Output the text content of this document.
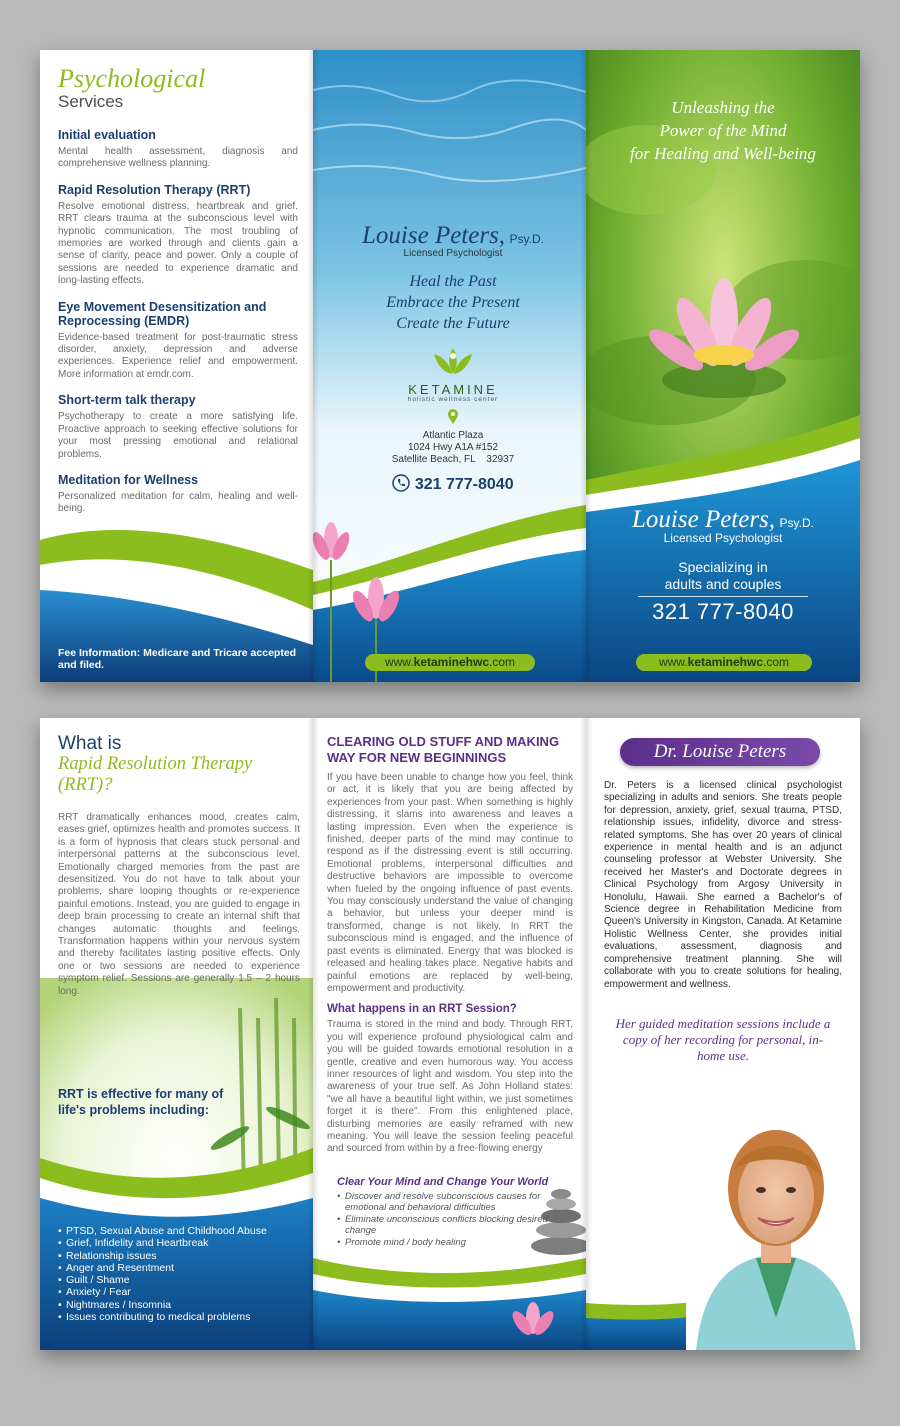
Psychological
Services
Initial evaluation

Mental health assessment, diagnosis and comprehensive wellness planning.

Rapid Resolution Therapy (RRT)

Resolve emotional distress, heartbreak and grief. RRT clears trauma at the subconscious level with hypnotic communication. The most troubling of memories are worked through and clients gain a sense of clarity, peace and power. Only a couple of sessions are needed to experience dramatic and long-lasting effects.

Eye Movement Desensitization and Reprocessing (EMDR)

Evidence-based treatment for post-traumatic stress disorder, anxiety, depression and adverse experiences. Experience relief and empowerment. More information at emdr.com.

Short-term talk therapy

Psychotherapy to create a more satisfying life. Proactive approach to seeking effective solutions for your most pressing emotional and relational problems.

Meditation for Wellness

Personalized meditation for calm, healing and well-being.

Fee Information: Medicare and Tricare accepted and filed.
Louise Peters, Psy.D.
Licensed Psychologist
Heal the Past
Embrace the Present
Create the Future
KETAMINE
holistic wellness center
Atlantic Plaza
1024 Hwy A1A #152
Satellite Beach, FL    32937
321 777-8040
www.ketaminehwc.com
Unleashing the
Power of the Mind
for Healing and Well-being
Louise Peters, Psy.D.
Licensed Psychologist
Specializing in
adults and couples
321 777-8040
www.ketaminehwc.com
What is
Rapid Resolution Therapy
(RRT)?

RRT dramatically enhances mood, creates calm, eases grief, optimizes health and promotes success. It is a form of hypnosis that clears stuck personal and interpersonal patterns at the subconscious level. Emotionally charged memories from the past are desensitized. You do not have to talk about your problems, share looping thoughts or re-experience painful emotions. Instead, you are guided to engage in deep brain processing to create an internal shift that changes automatic thoughts and feelings. Transformation happens within your nervous system and thereby facilitates lasting positive effects. Only one or two sessions are needed to experience symptom relief. Sessions are generally 1.5 – 2 hours long.

RRT is effective for many of life's problems including:
• PTSD, Sexual Abuse and Childhood Abuse
• Grief, Infidelity and Heartbreak
• Relationship issues
• Anger and Resentment
• Guilt / Shame
• Anxiety / Fear
• Nightmares / Insomnia
• Issues contributing to medical problems
CLEARING OLD STUFF AND MAKING WAY FOR NEW BEGINNINGS

If you have been unable to change how you feel, think or act, it is likely that you are being affected by experiences from your past. When something is highly distressing, it slams into awareness and leaves a lasting impression. Even when the experience is finished, deeper parts of the mind may continue to respond as if the distressing event is still occurring. Emotional problems, interpersonal difficulties and destructive behaviors are impossible to overcome when fueled by the ongoing influence of past events. You may consciously understand the value of changing a behavior, but unless your deeper mind is transformed, change is not likely. In RRT the subconscious mind is engaged, and the influence of past events is eliminated. Energy that was blocked is released and healing takes place. Negative habits and painful emotions are replaced by well-being, empowerment and productivity.

What happens in an RRT Session?

Trauma is stored in the mind and body. Through RRT, you will experience profound physiological calm and you will be guided towards emotional resolution in a gentle, creative and even humorous way. You access inner resources of light and wisdom. You step into the awareness of your true self. As John Holland states: "we all have a beautiful light within, we just sometimes forget it is there". From this enlightened place, disturbing memories are easily reframed with new meaning. You will leave the session feeling peaceful and sourced from within by a free-flowing energy

Clear Your Mind and Change Your World
• Discover and resolve subconscious causes for emotional and behavioral difficulties
• Eliminate unconscious conflicts blocking desired change
• Promote mind / body healing
Dr. Louise Peters

Dr. Peters is a licensed clinical psychologist specializing in adults and seniors. She treats people for depression, anxiety, grief, sexual trauma, PTSD, relationship issues, infidelity, divorce and stress-related symptoms. She has over 20 years of clinical experience in mental health and is an adjunct counseling professor at Webster University. She received her Master's and Doctorate degrees in Clinical Psychology from Argosy University in Honolulu, Hawaii. She earned a Bachelor's of Science degree in Rehabilitation Medicine from Queen's University in Kingston, Canada. At Ketamine Holistic Wellness Center, she provides initial evaluations, assessment, diagnosis and comprehensive treatment planning. She will collaborate with you to create solutions for healing, empowerment and wellness.

Her guided meditation sessions include a copy of her recording for personal, in-home use.
